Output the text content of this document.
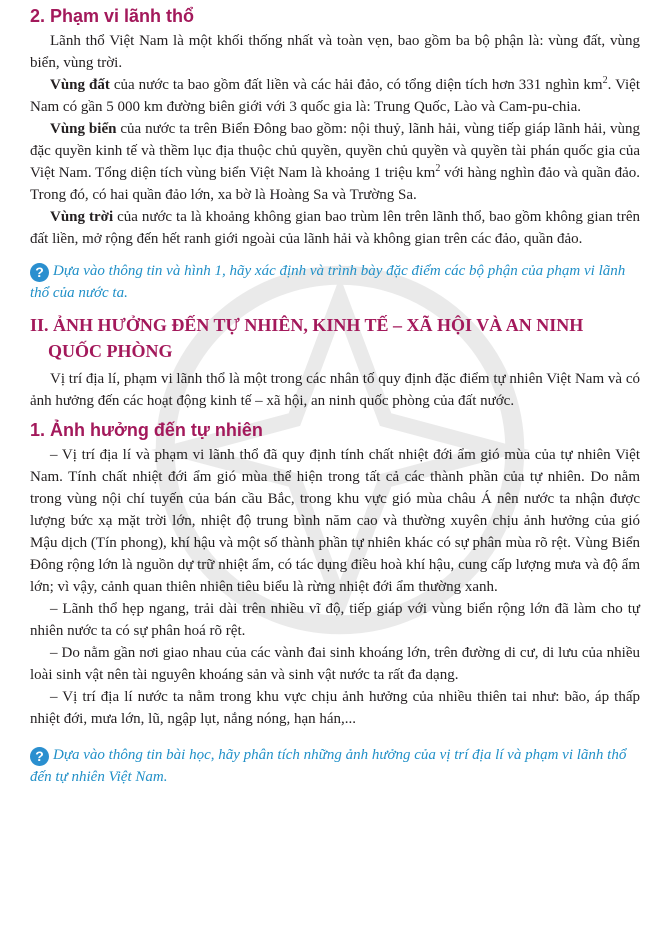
2. Phạm vi lãnh thổ

Lãnh thổ Việt Nam là một khối thống nhất và toàn vẹn, bao gồm ba bộ phận là: vùng đất, vùng biển, vùng trời.

Vùng đất của nước ta bao gồm đất liền và các hải đảo, có tổng diện tích hơn 331 nghìn $km^2$. Việt Nam có gần 5 000 km đường biên giới với 3 quốc gia là: Trung Quốc, Lào và Cam-pu-chia.

Vùng biển của nước ta trên Biển Đông bao gồm: nội thuỷ, lãnh hải, vùng tiếp giáp lãnh hải, vùng đặc quyền kinh tế và thềm lục địa thuộc chủ quyền, quyền chủ quyền và quyền tài phán quốc gia của Việt Nam. Tổng diện tích vùng biển Việt Nam là khoảng 1 triệu $km^2$ với hàng nghìn đảo và quần đảo. Trong đó, có hai quần đảo lớn, xa bờ là Hoàng Sa và Trường Sa.

Vùng trời của nước ta là khoảng không gian bao trùm lên trên lãnh thổ, bao gồm không gian trên đất liền, mở rộng đến hết ranh giới ngoài của lãnh hải và không gian trên các đảo, quần đảo.

? Dựa vào thông tin và hình 1, hãy xác định và trình bày đặc điểm các bộ phận của phạm vi lãnh thổ của nước ta.
II. ẢNH HƯỞNG ĐẾN TỰ NHIÊN, KINH TẾ – XÃ HỘI VÀ AN NINH
QUỐC PHÒNG

Vị trí địa lí, phạm vi lãnh thổ là một trong các nhân tố quy định đặc điểm tự nhiên Việt Nam và có ảnh hưởng đến các hoạt động kinh tế – xã hội, an ninh quốc phòng của đất nước.

1. Ảnh hưởng đến tự nhiên

– Vị trí địa lí và phạm vi lãnh thổ đã quy định tính chất nhiệt đới ẩm gió mùa của tự nhiên Việt Nam. Tính chất nhiệt đới ẩm gió mùa thể hiện trong tất cả các thành phần của tự nhiên. Do nằm trong vùng nội chí tuyến của bán cầu Bắc, trong khu vực gió mùa châu Á nên nước ta nhận được lượng bức xạ mặt trời lớn, nhiệt độ trung bình năm cao và thường xuyên chịu ảnh hưởng của gió Mậu dịch (Tín phong), khí hậu và một số thành phần tự nhiên khác có sự phân mùa rõ rệt. Vùng Biển Đông rộng lớn là nguồn dự trữ nhiệt ẩm, có tác dụng điều hoà khí hậu, cung cấp lượng mưa và độ ẩm lớn; vì vậy, cảnh quan thiên nhiên tiêu biểu là rừng nhiệt đới ẩm thường xanh.

– Lãnh thổ hẹp ngang, trải dài trên nhiều vĩ độ, tiếp giáp với vùng biển rộng lớn đã làm cho tự nhiên nước ta có sự phân hoá rõ rệt.

– Do nằm gần nơi giao nhau của các vành đai sinh khoáng lớn, trên đường di cư, di lưu của nhiều loài sinh vật nên tài nguyên khoáng sản và sinh vật nước ta rất đa dạng.

– Vị trí địa lí nước ta nằm trong khu vực chịu ảnh hưởng của nhiều thiên tai như: bão, áp thấp nhiệt đới, mưa lớn, lũ, ngập lụt, nắng nóng, hạn hán,...

? Dựa vào thông tin bài học, hãy phân tích những ảnh hưởng của vị trí địa lí và phạm vi lãnh thổ đến tự nhiên Việt Nam.
